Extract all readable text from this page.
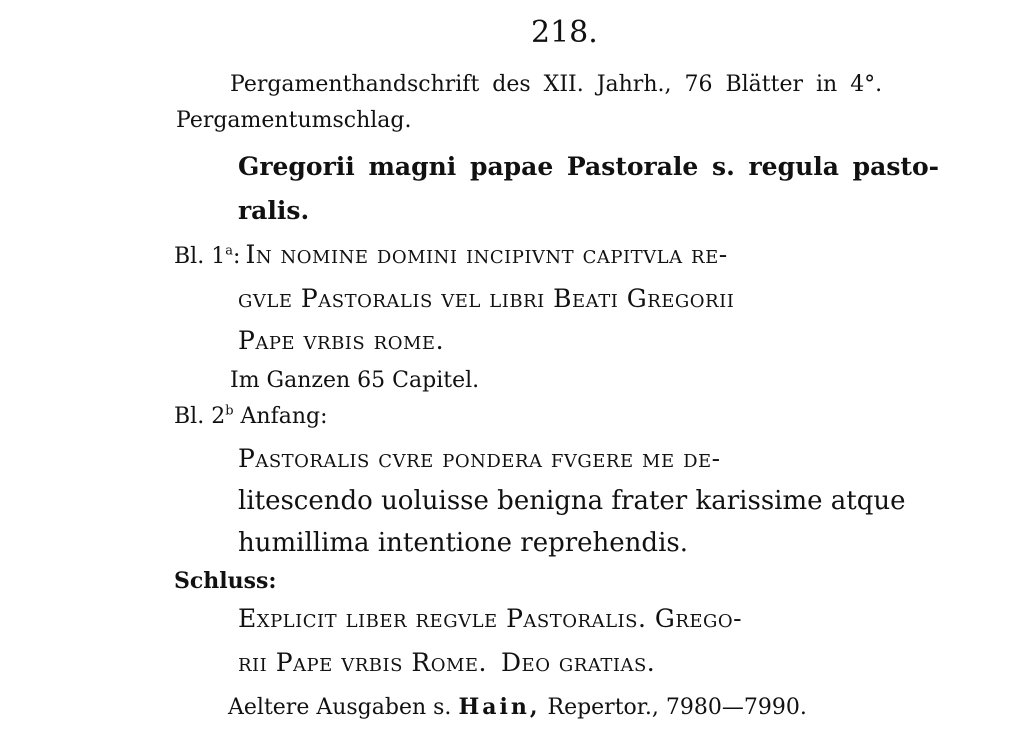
218.
Pergamenthandschrift des XII. Jahrh., 76 Blätter in 4°.
Pergamentumschlag.
Gregorii magni papae Pastorale s. regula pasto-
ralis.
Bl. 1$^a$: In nomine domini incipivnt capitvla re-
gvle Pastoralis vel libri Beati Gregorii
Pape vrbis rome.
Im Ganzen 65 Capitel.
Bl. 2$^b$ Anfang:
Pastoralis cvre pondera fvgere me de-
litescendo uoluisse benigna frater karissime atque
humillima intentione reprehendis.
Schluss:
Explicit liber regvle Pastoralis. Grego-
rii Pape vrbis Rome. Deo gratias.
Aeltere Ausgaben s. Hain, Repertor., 7980—7990.
